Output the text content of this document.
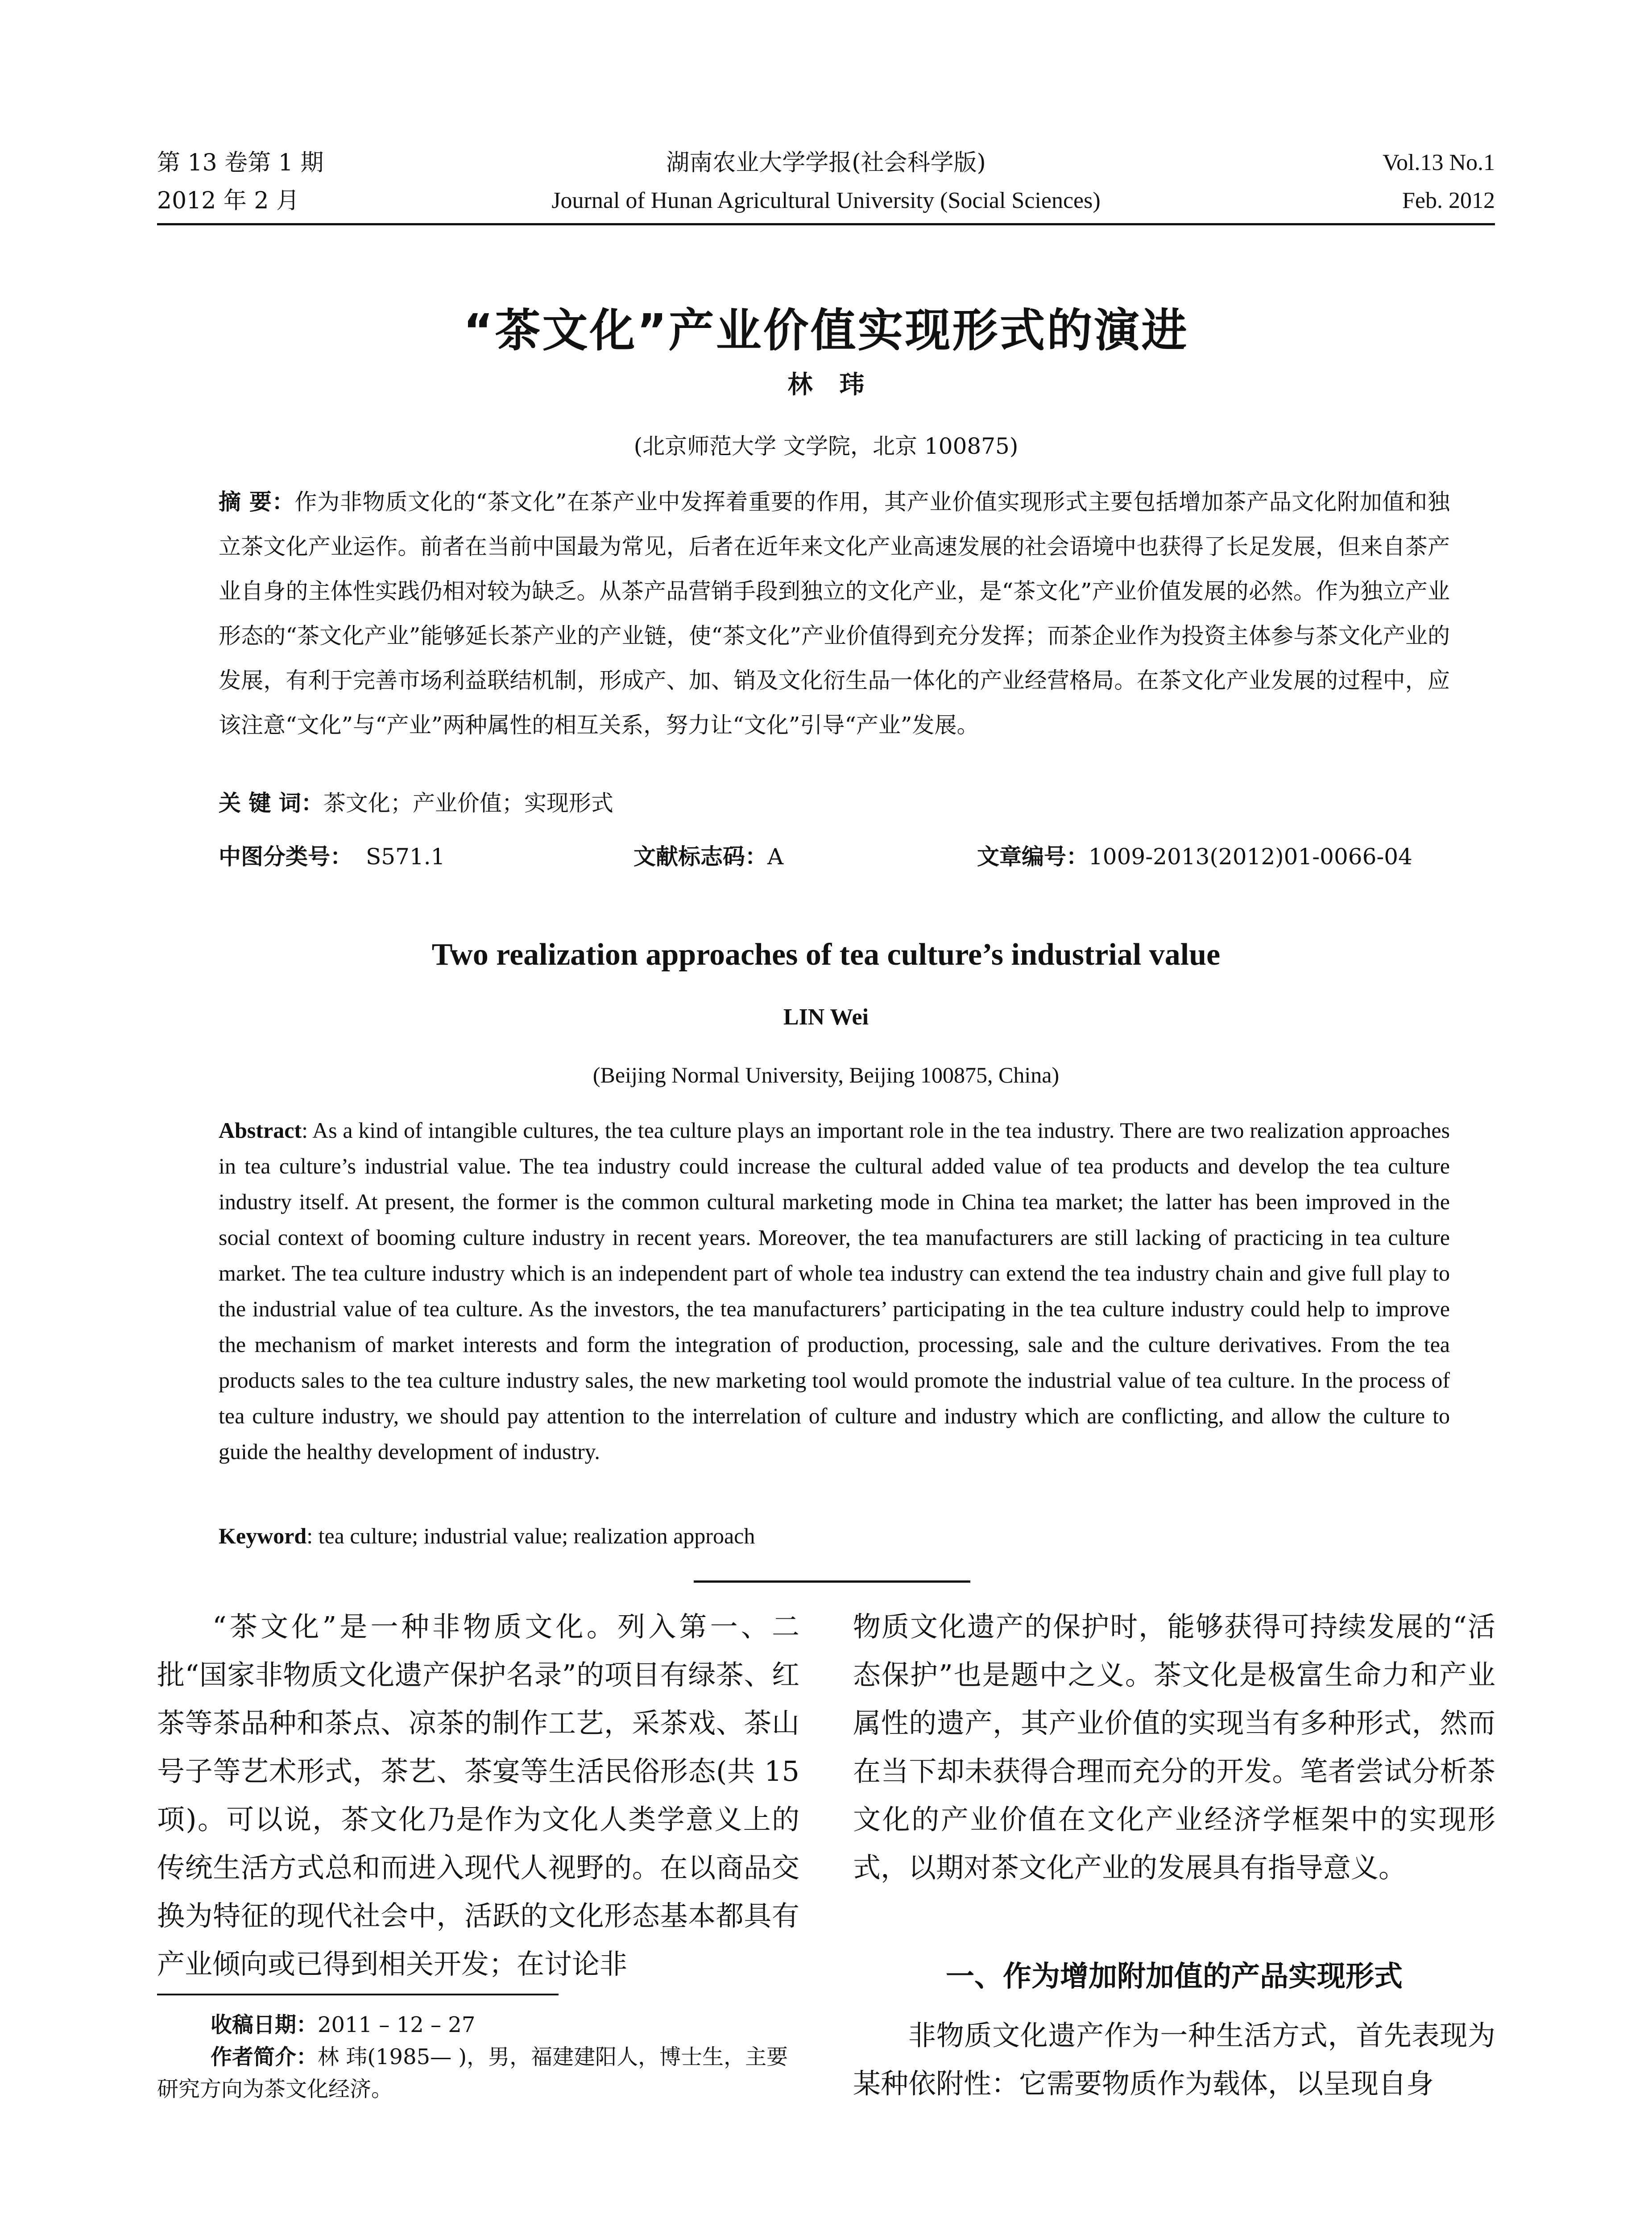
第 13 卷第 1 期
2012 年 2 月
湖南农业大学学报(社会科学版)
Journal of Hunan Agricultural University (Social Sciences)
Vol.13 No.1
Feb. 2012
“茶文化”产业价值实现形式的演进
林玮
(北京师范大学 文学院，北京 100875)
摘 要：作为非物质文化的“茶文化”在茶产业中发挥着重要的作用，其产业价值实现形式主要包括增加茶产品文化附加值和独立茶文化产业运作。前者在当前中国最为常见，后者在近年来文化产业高速发展的社会语境中也获得了长足发展，但来自茶产业自身的主体性实践仍相对较为缺乏。从茶产品营销手段到独立的文化产业，是“茶文化”产业价值发展的必然。作为独立产业形态的“茶文化产业”能够延长茶产业的产业链，使“茶文化”产业价值得到充分发挥；而茶企业作为投资主体参与茶文化产业的发展，有利于完善市场利益联结机制，形成产、加、销及文化衍生品一体化的产业经营格局。在茶文化产业发展的过程中，应该注意“文化”与“产业”两种属性的相互关系，努力让“文化”引导“产业”发展。
关 键 词：茶文化；产业价值；实现形式
中图分类号： S571.1	文献标志码：A	文章编号：1009-2013(2012)01-0066-04
Two realization approaches of tea culture’s industrial value
LIN Wei
(Beijing Normal University, Beijing 100875, China)
Abstract: As a kind of intangible cultures, the tea culture plays an important role in the tea industry. There are two realization approaches in tea culture’s industrial value. The tea industry could increase the cultural added value of tea products and develop the tea culture industry itself. At present, the former is the common cultural marketing mode in China tea market; the latter has been improved in the social context of booming culture industry in recent years. Moreover, the tea manufacturers are still lacking of practicing in tea culture market. The tea culture industry which is an independent part of whole tea industry can extend the tea industry chain and give full play to the industrial value of tea culture. As the investors, the tea manufacturers’ participating in the tea culture industry could help to improve the mechanism of market interests and form the integration of production, processing, sale and the culture derivatives. From the tea products sales to the tea culture industry sales, the new marketing tool would promote the industrial value of tea culture. In the process of tea culture industry, we should pay attention to the interrelation of culture and industry which are conflicting, and allow the culture to guide the healthy development of industry.
Keyword: tea culture; industrial value; realization approach

“茶文化”是一种非物质文化。列入第一、二批“国家非物质文化遗产保护名录”的项目有绿茶、红茶等茶品种和茶点、凉茶的制作工艺，采茶戏、茶山号子等艺术形式，茶艺、茶宴等生活民俗形态(共 15 项)。可以说，茶文化乃是作为文化人类学意义上的传统生活方式总和而进入现代人视野的。在以商品交换为特征的现代社会中，活跃的文化形态基本都具有产业倾向或已得到相关开发；在讨论非

收稿日期：2011 – 12 – 27
作者简介：林 玮(1985— )，男，福建建阳人，博士生，主要研究方向为茶文化经济。

物质文化遗产的保护时，能够获得可持续发展的“活态保护”也是题中之义。茶文化是极富生命力和产业属性的遗产，其产业价值的实现当有多种形式，然而在当下却未获得合理而充分的开发。笔者尝试分析茶文化的产业价值在文化产业经济学框架中的实现形式，以期对茶文化产业的发展具有指导意义。

一、作为增加附加值的产品实现形式

非物质文化遗产作为一种生活方式，首先表现为某种依附性：它需要物质作为载体，以呈现自身
